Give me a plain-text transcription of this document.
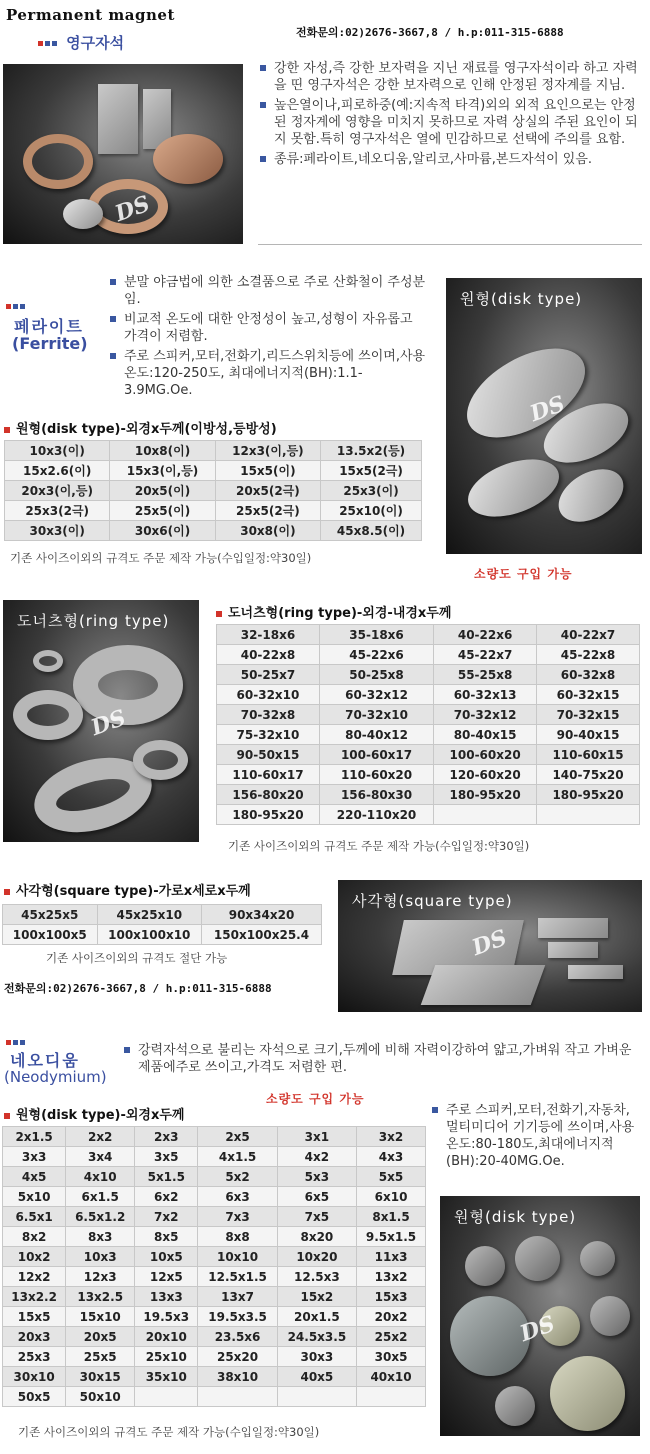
Permanent magnet
전화문의:02)2676-3667,8 / h.p:011-315-6888
영구자석
DS
강한 자성,즉 강한 보자력을 지닌 재료를 영구자석이라 하고 자력을 띤 영구자석은 강한 보자력으로 인해 안정된 정자계를 지님.
높은열이나,피로하중(예:지속적 타격)외의 외적 요인으로는 안정된 정자계에 영향을 미치지 못하므로 자력 상실의 주된 요인이 되지 못함.특히 영구자석은 열에 민감하므로 선택에 주의를 요함.
종류:페라이트,네오디움,알리코,사마륨,본드자석이 있음.
페라이트
(Ferrite)
분말 야금법에 의한 소결품으로 주로 산화철이 주성분 임.
비교적 온도에 대한 안정성이 높고,성형이 자유롭고 가격이 저렴함.
주로 스피커,모터,전화기,리드스위치등에 쓰이며,사용온도:120-250도, 최대에너지적(BH):1.1-3.9MG.Oe.
원형(disk type)
DS
원형(disk type)-외경x두께(이방성,등방성)
10x3(이)	10x8(이)	12x3(이,등)	13.5x2(등)
15x2.6(이)	15x3(이,등)	15x5(이)	15x5(2극)
20x3(이,등)	20x5(이)	20x5(2극)	25x3(이)
25x3(2극)	25x5(이)	25x5(2극)	25x10(이)
30x3(이)	30x6(이)	30x8(이)	45x8.5(이)
기존 사이즈이외의 규격도 주문 제작 가능(수입일정:약30일)
소량도 구입 가능
도너츠형(ring type)
DS
도너츠형(ring type)-외경-내경x두께
32-18x6	35-18x6	40-22x6	40-22x7
40-22x8	45-22x6	45-22x7	45-22x8
50-25x7	50-25x8	55-25x8	60-32x8
60-32x10	60-32x12	60-32x13	60-32x15
70-32x8	70-32x10	70-32x12	70-32x15
75-32x10	80-40x12	80-40x15	90-40x15
90-50x15	100-60x17	100-60x20	110-60x15
110-60x17	110-60x20	120-60x20	140-75x20
156-80x20	156-80x30	180-95x20	180-95x20
180-95x20	220-110x20		
기존 사이즈이외의 규격도 주문 제작 가능(수입일정:약30일)
사각형(square type)-가로x세로x두께
45x25x5	45x25x10	90x34x20
100x100x5	100x100x10	150x100x25.4
기존 사이즈이외의 규격도 절단 가능
전화문의:02)2676-3667,8 / h.p:011-315-6888
사각형(square type)
DS
네오디움
(Neodymium)
강력자석으로 불리는 자석으로 크기,두께에 비해 자력이강하여 얇고,가벼워 작고 가벼운 제품에주로 쓰이고,가격도 저렴한 편.
소량도 구입 가능
주로 스피커,모터,전화기,자동차,멀티미디어 기기등에 쓰이며,사용온도:80-180도,최대에너지적(BH):20-40MG.Oe.
원형(disk type)-외경x두께
2x1.5	2x2	2x3	2x5	3x1	3x2
3x3	3x4	3x5	4x1.5	4x2	4x3
4x5	4x10	5x1.5	5x2	5x3	5x5
5x10	6x1.5	6x2	6x3	6x5	6x10
6.5x1	6.5x1.2	7x2	7x3	7x5	8x1.5
8x2	8x3	8x5	8x8	8x20	9.5x1.5
10x2	10x3	10x5	10x10	10x20	11x3
12x2	12x3	12x5	12.5x1.5	12.5x3	13x2
13x2.2	13x2.5	13x3	13x7	15x2	15x3
15x5	15x10	19.5x3	19.5x3.5	20x1.5	20x2
20x3	20x5	20x10	23.5x6	24.5x3.5	25x2
25x3	25x5	25x10	25x20	30x3	30x5
30x10	30x15	35x10	38x10	40x5	40x10
50x5	50x10				
기존 사이즈이외의 규격도 주문 제작 가능(수입일정:약30일)
원형(disk type)
DS
